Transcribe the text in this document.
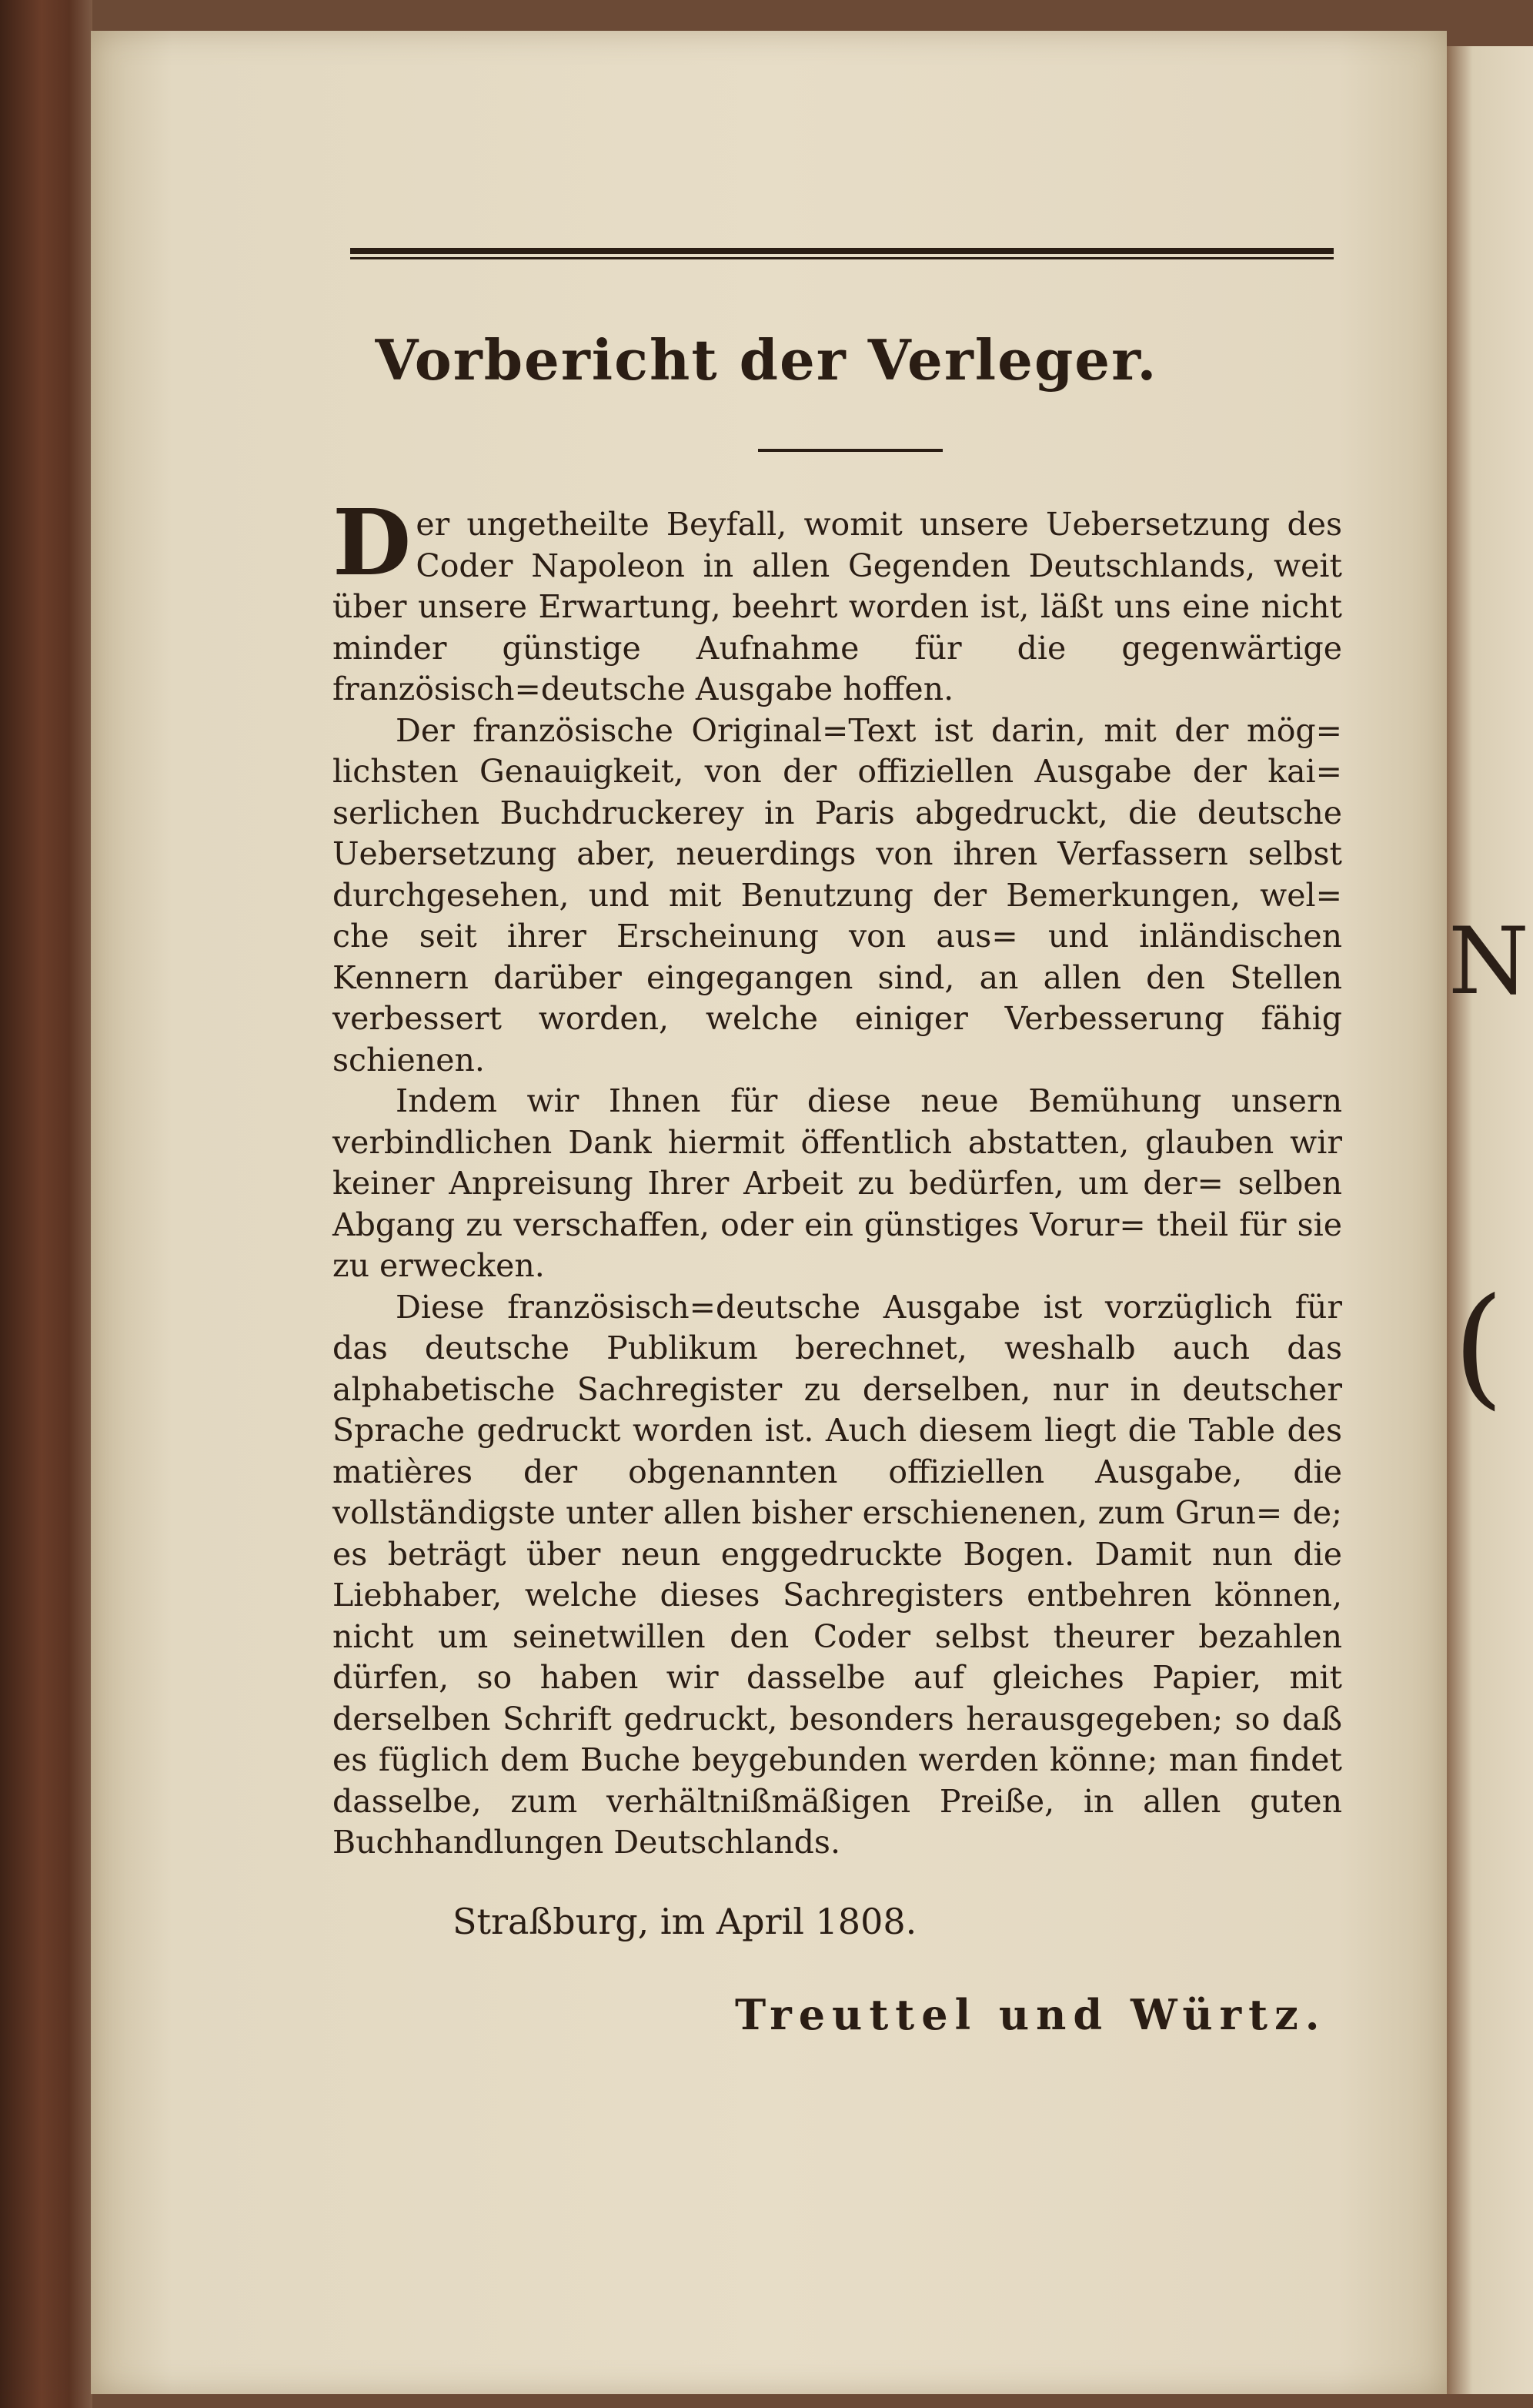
N
(
Vorbericht der Verleger.

Der ungetheilte Beyfall, womit unsere Uebersetzung des Coder Napoleon in allen Gegenden Deutschlands, weit über unsere Erwartung, beehrt worden ist, läßt uns eine nicht minder günstige Aufnahme für die gegenwärtige französisch=deutsche Ausgabe hoffen.

Der französische Original=Text ist darin, mit der mög= lichsten Genauigkeit, von der offiziellen Ausgabe der kai= serlichen Buchdruckerey in Paris abgedruckt, die deutsche Uebersetzung aber, neuerdings von ihren Verfassern selbst durchgesehen, und mit Benutzung der Bemerkungen, wel= che seit ihrer Erscheinung von aus= und inländischen Kennern darüber eingegangen sind, an allen den Stellen verbessert worden, welche einiger Verbesserung fähig schienen.

Indem wir Ihnen für diese neue Bemühung unsern verbindlichen Dank hiermit öffentlich abstatten, glauben wir keiner Anpreisung Ihrer Arbeit zu bedürfen, um der= selben Abgang zu verschaffen, oder ein günstiges Vorur= theil für sie zu erwecken.

Diese französisch=deutsche Ausgabe ist vorzüglich für das deutsche Publikum berechnet, weshalb auch das alphabetische Sachregister zu derselben, nur in deutscher Sprache gedruckt worden ist. Auch diesem liegt die Table des matières der obgenannten offiziellen Ausgabe, die vollständigste unter allen bisher erschienenen, zum Grun= de; es beträgt über neun enggedruckte Bogen. Damit nun die Liebhaber, welche dieses Sachregisters entbehren können, nicht um seinetwillen den Coder selbst theurer bezahlen dürfen, so haben wir dasselbe auf gleiches Papier, mit derselben Schrift gedruckt, besonders herausgegeben; so daß es füglich dem Buche beygebunden werden könne; man findet dasselbe, zum verhältnißmäßigen Preiße, in allen guten Buchhandlungen Deutschlands.

Straßburg, im April 1808.
Treuttel und Würtz.
